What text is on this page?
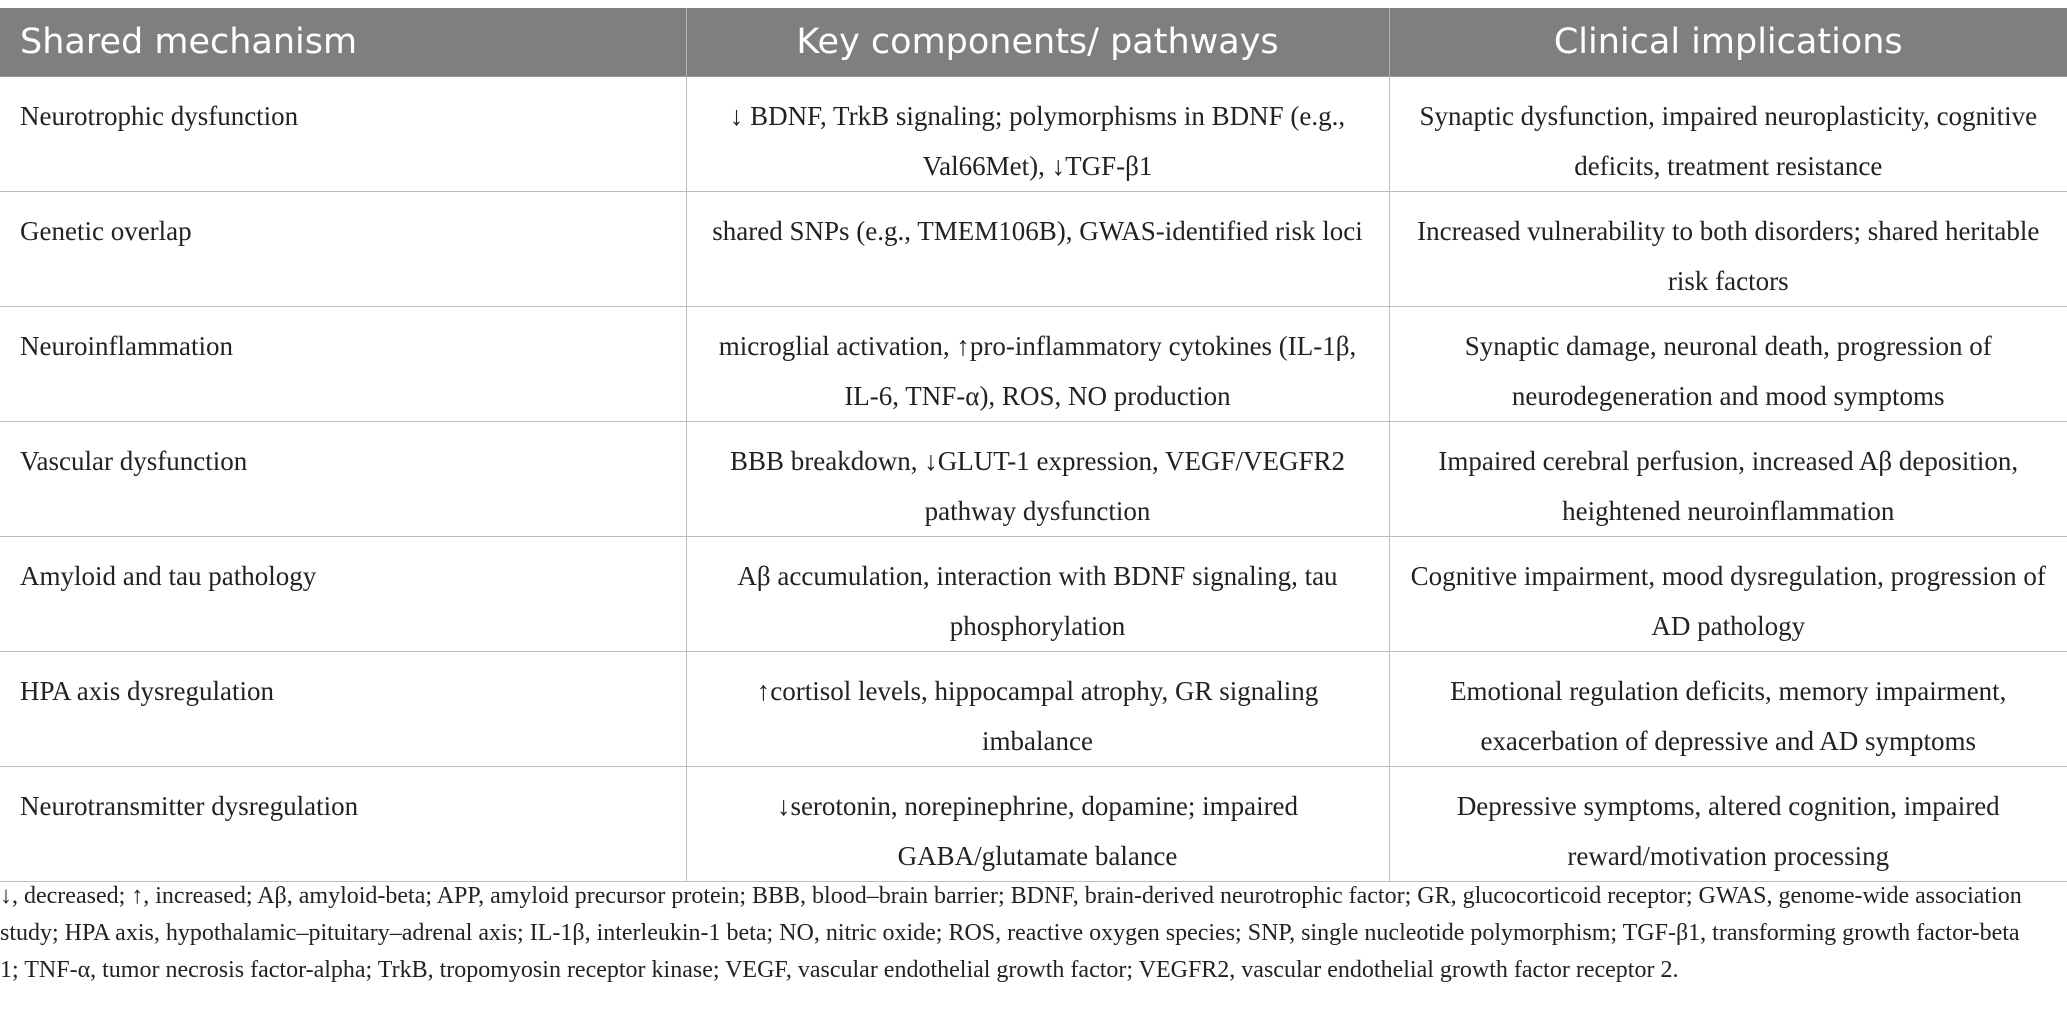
Shared mechanism	Key components/ pathways	Clinical implications
Neurotrophic dysfunction	↓ BDNF, TrkB signaling; polymorphisms in BDNF (e.g., Val66Met), ↓TGF-β1	Synaptic dysfunction, impaired neuroplasticity, cognitive deficits, treatment resistance
Genetic overlap	shared SNPs (e.g., TMEM106B), GWAS-identified risk loci	Increased vulnerability to both disorders; shared heritable risk factors
Neuroinflammation	microglial activation, ↑pro-inflammatory cytokines (IL-1β, IL-6, TNF-α), ROS, NO production	Synaptic damage, neuronal death, progression of neurodegeneration and mood symptoms
Vascular dysfunction	BBB breakdown, ↓GLUT-1 expression, VEGF/VEGFR2 pathway dysfunction	Impaired cerebral perfusion, increased Aβ deposition, heightened neuroinflammation
Amyloid and tau pathology	Aβ accumulation, interaction with BDNF signaling, tau phosphorylation	Cognitive impairment, mood dysregulation, progression of AD pathology
HPA axis dysregulation	↑cortisol levels, hippocampal atrophy, GR signaling imbalance	Emotional regulation deficits, memory impairment, exacerbation of depressive and AD symptoms
Neurotransmitter dysregulation	↓serotonin, norepinephrine, dopamine; impaired GABA/glutamate balance	Depressive symptoms, altered cognition, impaired reward/motivation processing
↓, decreased; ↑, increased; Aβ, amyloid-beta; APP, amyloid precursor protein; BBB, blood–brain barrier; BDNF, brain-derived neurotrophic factor; GR, glucocorticoid receptor; GWAS, genome-wide association study; HPA axis, hypothalamic–pituitary–adrenal axis; IL-1β, interleukin-1 beta; NO, nitric oxide; ROS, reactive oxygen species; SNP, single nucleotide polymorphism; TGF-β1, transforming growth factor-beta 1; TNF-α, tumor necrosis factor-alpha; TrkB, tropomyosin receptor kinase; VEGF, vascular endothelial growth factor; VEGFR2, vascular endothelial growth factor receptor 2.
